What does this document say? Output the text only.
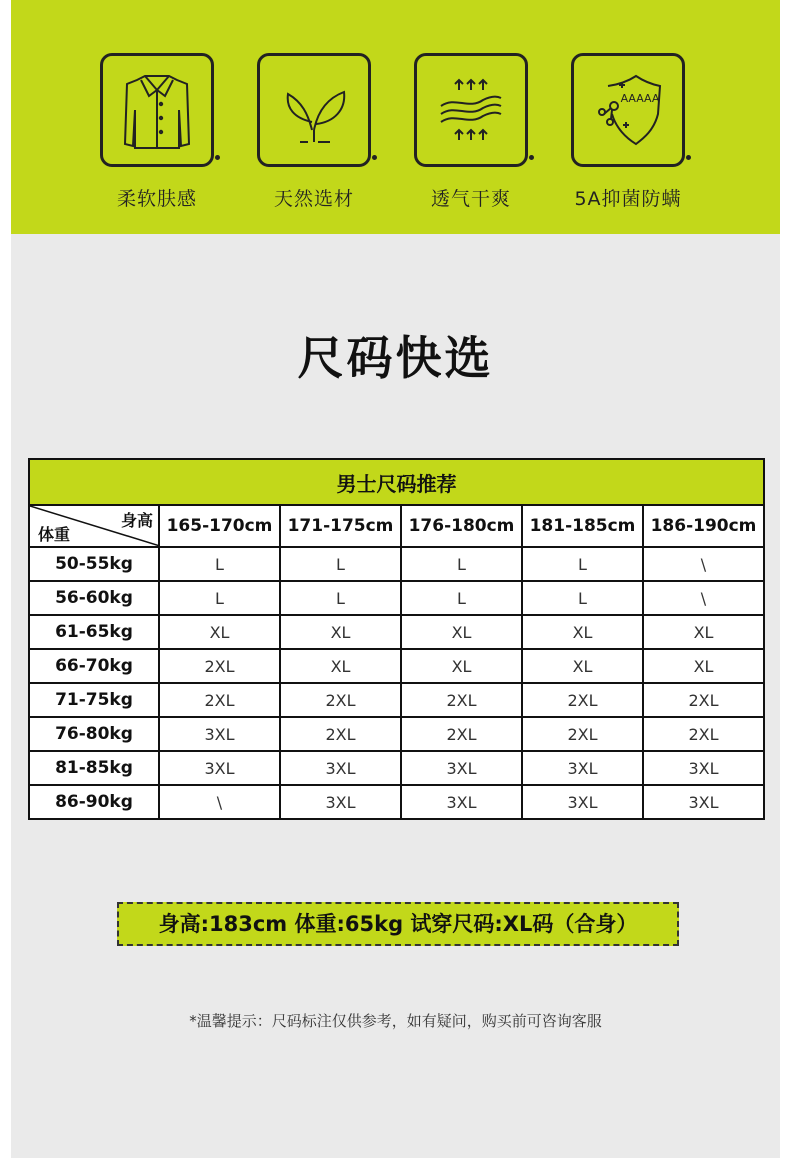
柔软肤感	天然选材	透气干爽
AAAAA
5A抑菌防螨
尺码快选
男士尺码推荐					

身高
体重	165-170cm	171-175cm	176-180cm	181-185cm	186-190cm
50-55kg	L	L	L	L	\
56-60kg	L	L	L	L	\
61-65kg	XL	XL	XL	XL	XL
66-70kg	2XL	XL	XL	XL	XL
71-75kg	2XL	2XL	2XL	2XL	2XL
76-80kg	3XL	2XL	2XL	2XL	2XL
81-85kg	3XL	3XL	3XL	3XL	3XL
86-90kg	\	3XL	3XL	3XL	3XL
身高:183cm 体重:65kg 试穿尺码:XL码（合身）
*温馨提示：尺码标注仅供参考，如有疑问，购买前可咨询客服
